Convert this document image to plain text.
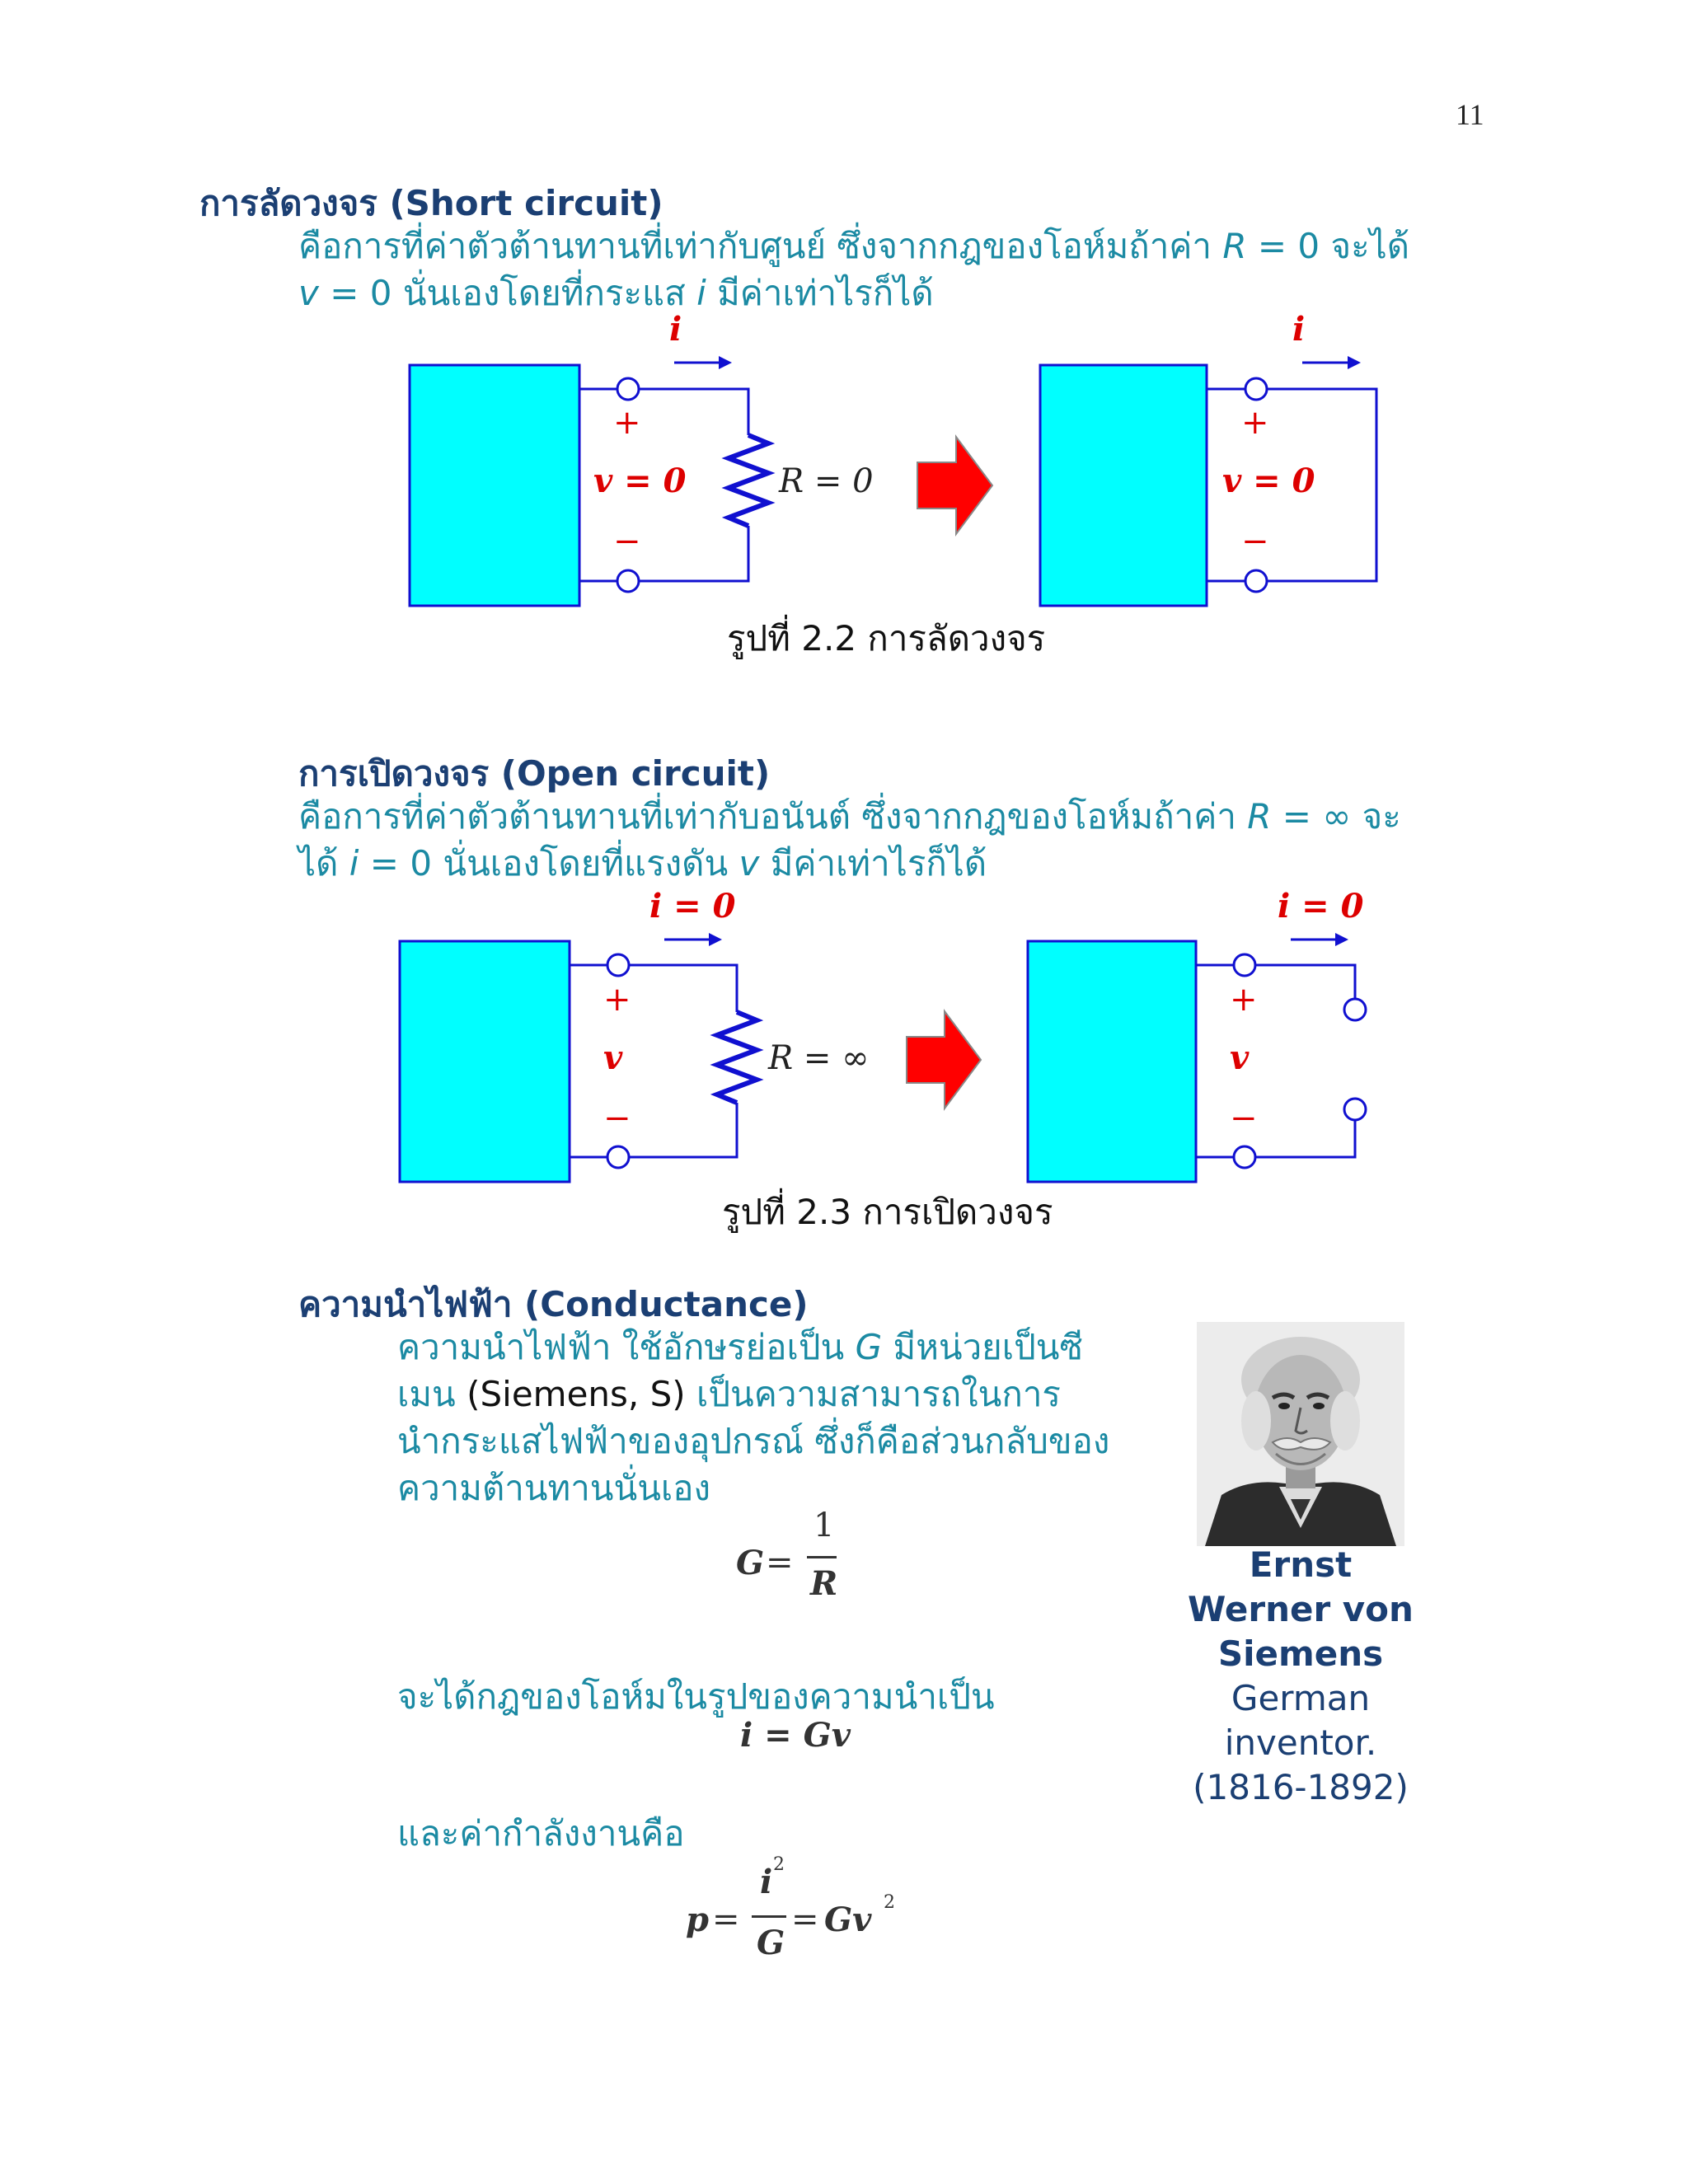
11
การลัดวงจร (Short circuit)
คือการที่ค่าตัวต้านทานที่เท่ากับศูนย์ ซึ่งจากกฎของโอห์มถ้าค่า R = 0 จะได้
v = 0 นั่นเองโดยที่กระแส i มีค่าเท่าไรก็ได้
i
+
v = 0
−
R = 0
i
+
v = 0
−
รูปที่ 2.2 การลัดวงจร
การเปิดวงจร (Open circuit)
คือการที่ค่าตัวต้านทานที่เท่ากับอนันต์ ซึ่งจากกฎของโอห์มถ้าค่า R = ∞ จะ
ได้ i = 0 นั่นเองโดยที่แรงดัน v มีค่าเท่าไรก็ได้
i = 0
+
v
−
R = ∞
i = 0
+
v
−
รูปที่ 2.3 การเปิดวงจร
ความนำไฟฟ้า (Conductance)
ความนำไฟฟ้า ใช้อักษรย่อเป็น G มีหน่วยเป็นซี
เมน (Siemens, S) เป็นความสามารถในการ
นำกระแสไฟฟ้าของอุปกรณ์ ซึ่งก็คือส่วนกลับของ
ความต้านทานนั่นเอง
G =
1
R
จะได้กฎของโอห์มในรูปของความนำเป็น
i = Gv
และค่ากำลังงานคือ
p =
i 2
G
= Gv 2
Ernst
Werner von
Siemens
German
inventor.
(1816-1892)
